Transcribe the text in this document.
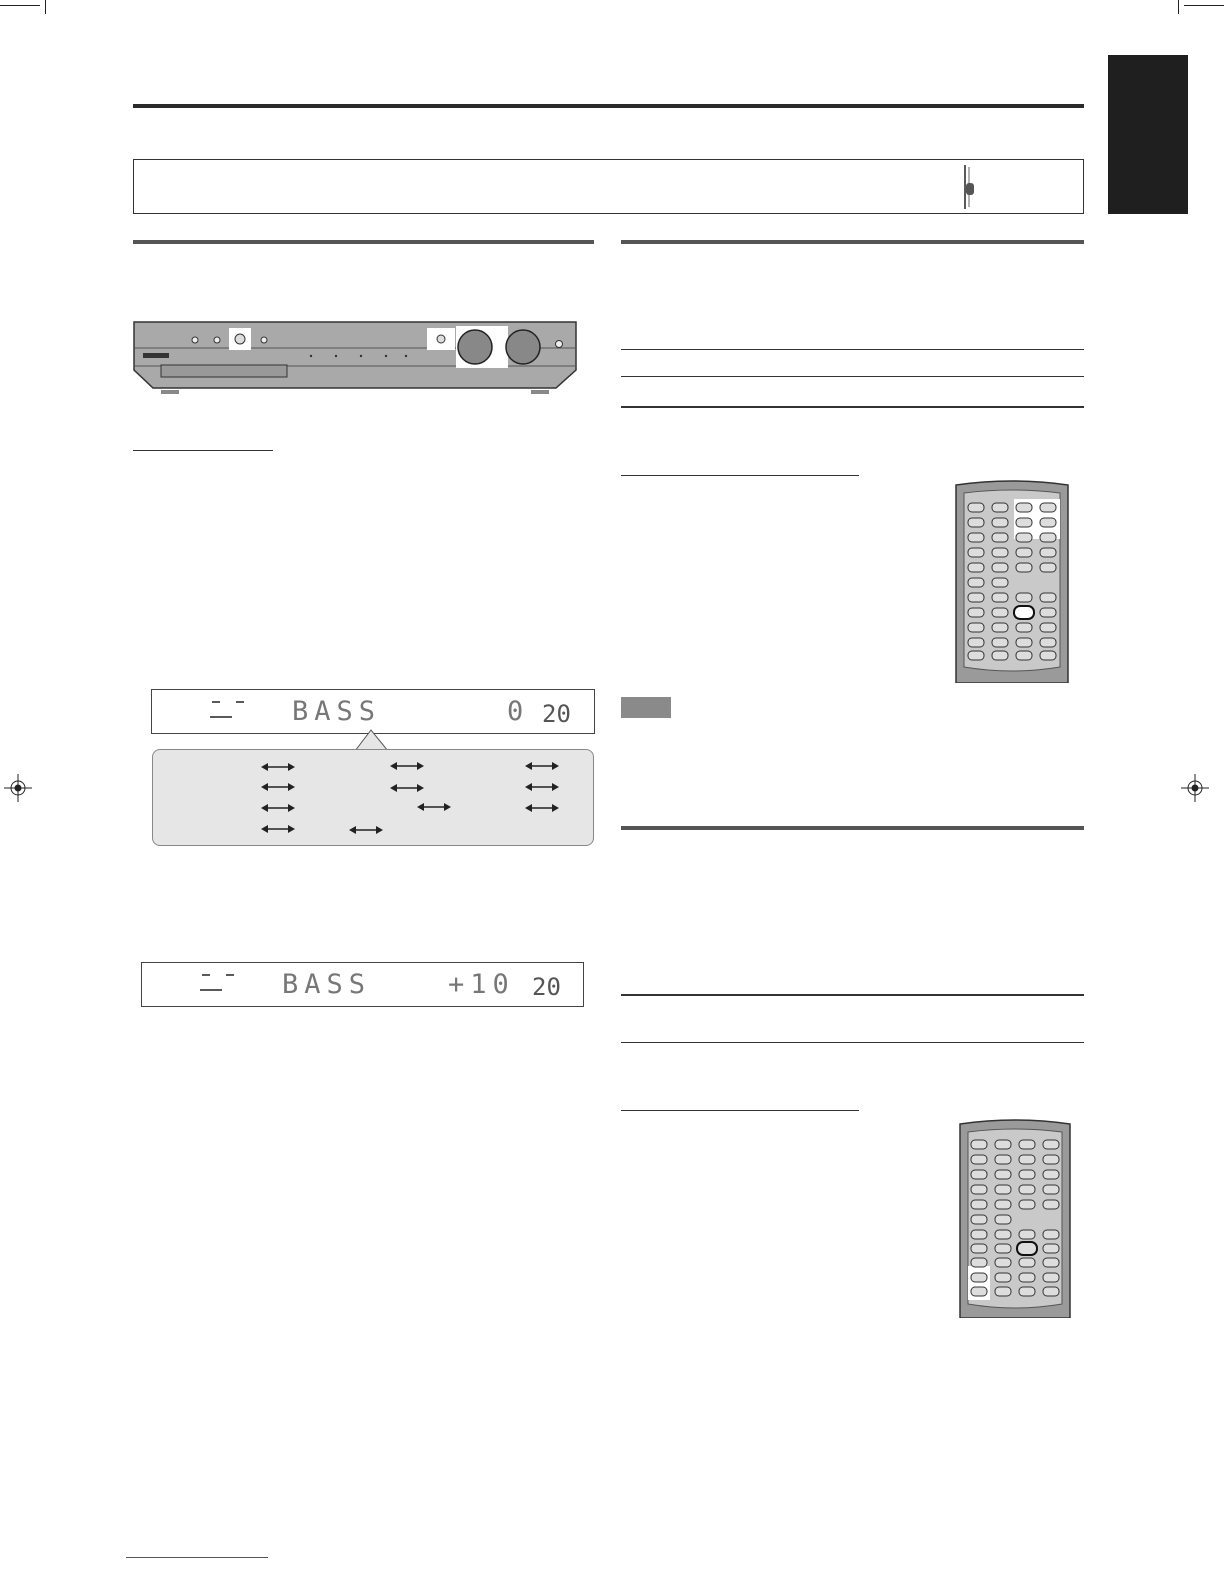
BASS	0 20
BASS	+10 20
